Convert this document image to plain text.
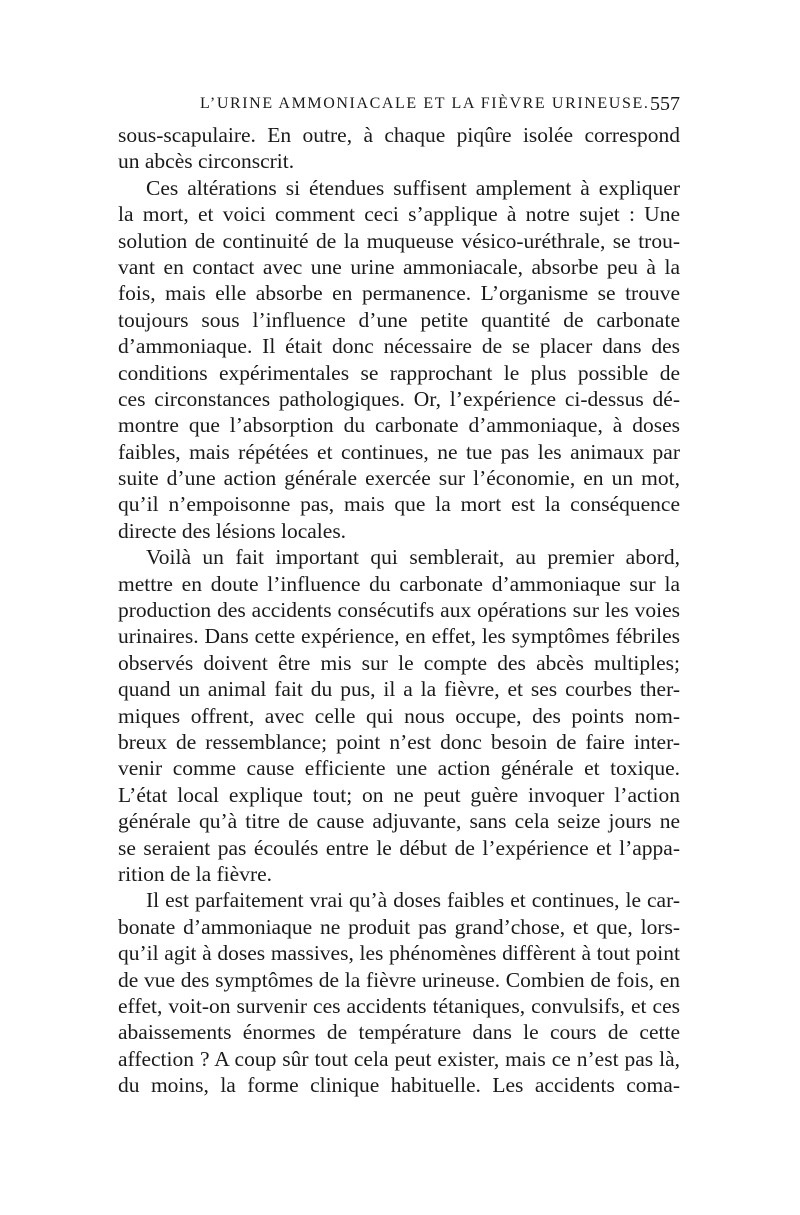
L’URINE AMMONIACALE ET LA FIÈVRE URINEUSE. 557
sous-scapulaire. En outre, à chaque piqûre isolée correspond
un abcès circonscrit.
Ces altérations si étendues suffisent amplement à expliquer
la mort, et voici comment ceci s’applique à notre sujet : Une
solution de continuité de la muqueuse vésico-uréthrale, se trou-
vant en contact avec une urine ammoniacale, absorbe peu à la
fois, mais elle absorbe en permanence. L’organisme se trouve
toujours sous l’influence d’une petite quantité de carbonate
d’ammoniaque. Il était donc nécessaire de se placer dans des
conditions expérimentales se rapprochant le plus possible de
ces circonstances pathologiques. Or, l’expérience ci-dessus dé-
montre que l’absorption du carbonate d’ammoniaque, à doses
faibles, mais répétées et continues, ne tue pas les animaux par
suite d’une action générale exercée sur l’économie, en un mot,
qu’il n’empoisonne pas, mais que la mort est la conséquence
directe des lésions locales.
Voilà un fait important qui semblerait, au premier abord,
mettre en doute l’influence du carbonate d’ammoniaque sur la
production des accidents consécutifs aux opérations sur les voies
urinaires. Dans cette expérience, en effet, les symptômes fébriles
observés doivent être mis sur le compte des abcès multiples;
quand un animal fait du pus, il a la fièvre, et ses courbes ther-
miques offrent, avec celle qui nous occupe, des points nom-
breux de ressemblance; point n’est donc besoin de faire inter-
venir comme cause efficiente une action générale et toxique.
L’état local explique tout; on ne peut guère invoquer l’action
générale qu’à titre de cause adjuvante, sans cela seize jours ne
se seraient pas écoulés entre le début de l’expérience et l’appa-
rition de la fièvre.
Il est parfaitement vrai qu’à doses faibles et continues, le car-
bonate d’ammoniaque ne produit pas grand’chose, et que, lors-
qu’il agit à doses massives, les phénomènes diffèrent à tout point
de vue des symptômes de la fièvre urineuse. Combien de fois, en
effet, voit-on survenir ces accidents tétaniques, convulsifs, et ces
abaissements énormes de température dans le cours de cette
affection ? A coup sûr tout cela peut exister, mais ce n’est pas là,
du moins, la forme clinique habituelle. Les accidents coma-
